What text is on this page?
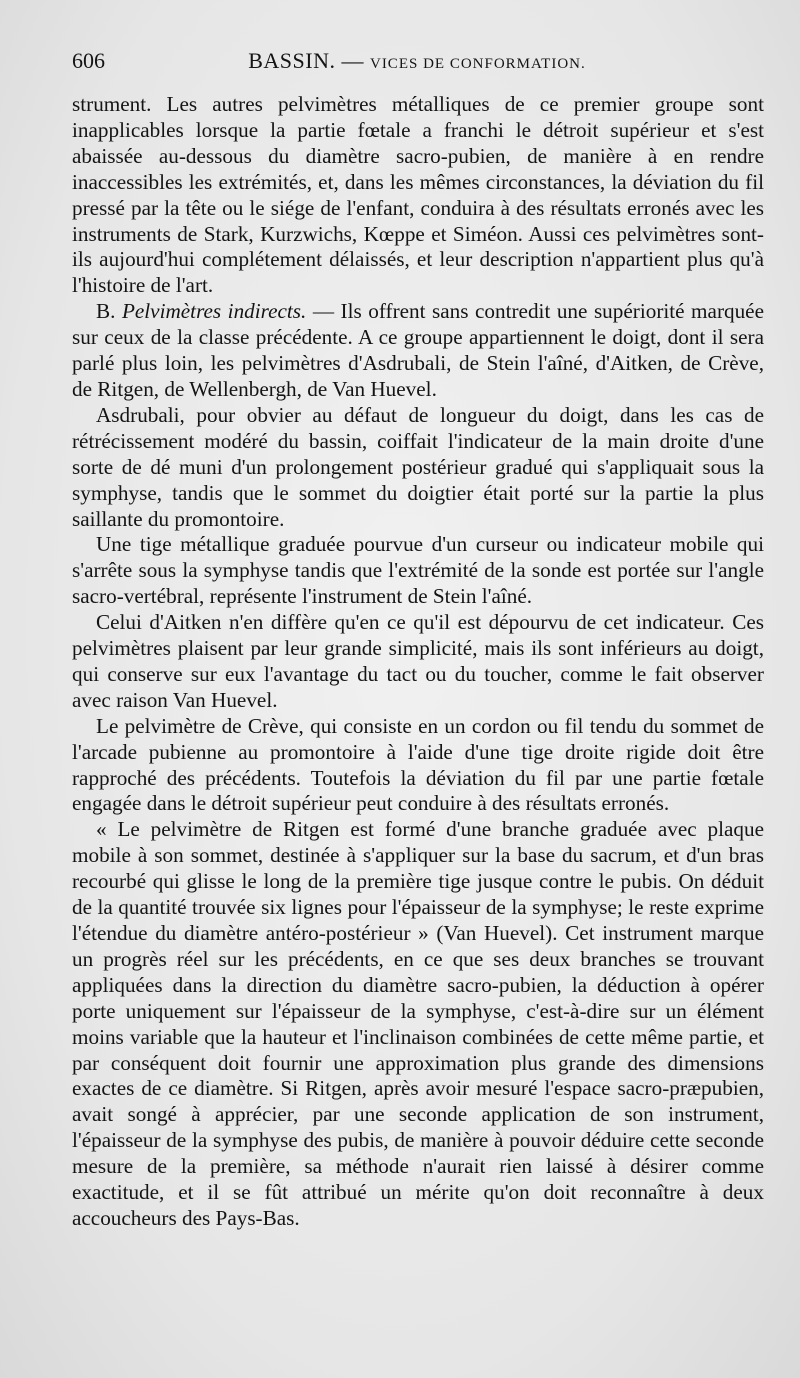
606	BASSIN. — VICES DE CONFORMATION.

strument. Les autres pelvimètres métalliques de ce premier groupe sont inapplicables lorsque la partie fœtale a franchi le détroit supérieur et s'est abaissée au-dessous du diamètre sacro-pubien, de manière à en rendre inaccessibles les extrémités, et, dans les mêmes circonstances, la déviation du fil pressé par la tête ou le siége de l'enfant, conduira à des résultats erronés avec les instruments de Stark, Kurzwichs, Kœppe et Siméon. Aussi ces pelvimètres sont-ils aujourd'hui complétement délaissés, et leur description n'appartient plus qu'à l'histoire de l'art.

B. Pelvimètres indirects. — Ils offrent sans contredit une supériorité marquée sur ceux de la classe précédente. A ce groupe appartiennent le doigt, dont il sera parlé plus loin, les pelvimètres d'Asdrubali, de Stein l'aîné, d'Aitken, de Crève, de Ritgen, de Wellenbergh, de Van Huevel.

Asdrubali, pour obvier au défaut de longueur du doigt, dans les cas de rétrécissement modéré du bassin, coiffait l'indicateur de la main droite d'une sorte de dé muni d'un prolongement postérieur gradué qui s'appliquait sous la symphyse, tandis que le sommet du doigtier était porté sur la partie la plus saillante du promontoire.

Une tige métallique graduée pourvue d'un curseur ou indicateur mobile qui s'arrête sous la symphyse tandis que l'extrémité de la sonde est portée sur l'angle sacro-vertébral, représente l'instrument de Stein l'aîné.

Celui d'Aitken n'en diffère qu'en ce qu'il est dépourvu de cet indicateur. Ces pelvimètres plaisent par leur grande simplicité, mais ils sont inférieurs au doigt, qui conserve sur eux l'avantage du tact ou du toucher, comme le fait observer avec raison Van Huevel.

Le pelvimètre de Crève, qui consiste en un cordon ou fil tendu du sommet de l'arcade pubienne au promontoire à l'aide d'une tige droite rigide doit être rapproché des précédents. Toutefois la déviation du fil par une partie fœtale engagée dans le détroit supérieur peut conduire à des résultats erronés.

« Le pelvimètre de Ritgen est formé d'une branche graduée avec plaque mobile à son sommet, destinée à s'appliquer sur la base du sacrum, et d'un bras recourbé qui glisse le long de la première tige jusque contre le pubis. On déduit de la quantité trouvée six lignes pour l'épaisseur de la symphyse; le reste exprime l'étendue du diamètre antéro-postérieur » (Van Huevel). Cet instrument marque un progrès réel sur les précédents, en ce que ses deux branches se trouvant appliquées dans la direction du diamètre sacro-pubien, la déduction à opérer porte uniquement sur l'épaisseur de la symphyse, c'est-à-dire sur un élément moins variable que la hauteur et l'inclinaison combinées de cette même partie, et par conséquent doit fournir une approximation plus grande des dimensions exactes de ce diamètre. Si Ritgen, après avoir mesuré l'espace sacro-præpubien, avait songé à apprécier, par une seconde application de son instrument, l'épaisseur de la symphyse des pubis, de manière à pouvoir déduire cette seconde mesure de la première, sa méthode n'aurait rien laissé à désirer comme exactitude, et il se fût attribué un mérite qu'on doit reconnaître à deux accoucheurs des Pays-Bas.
